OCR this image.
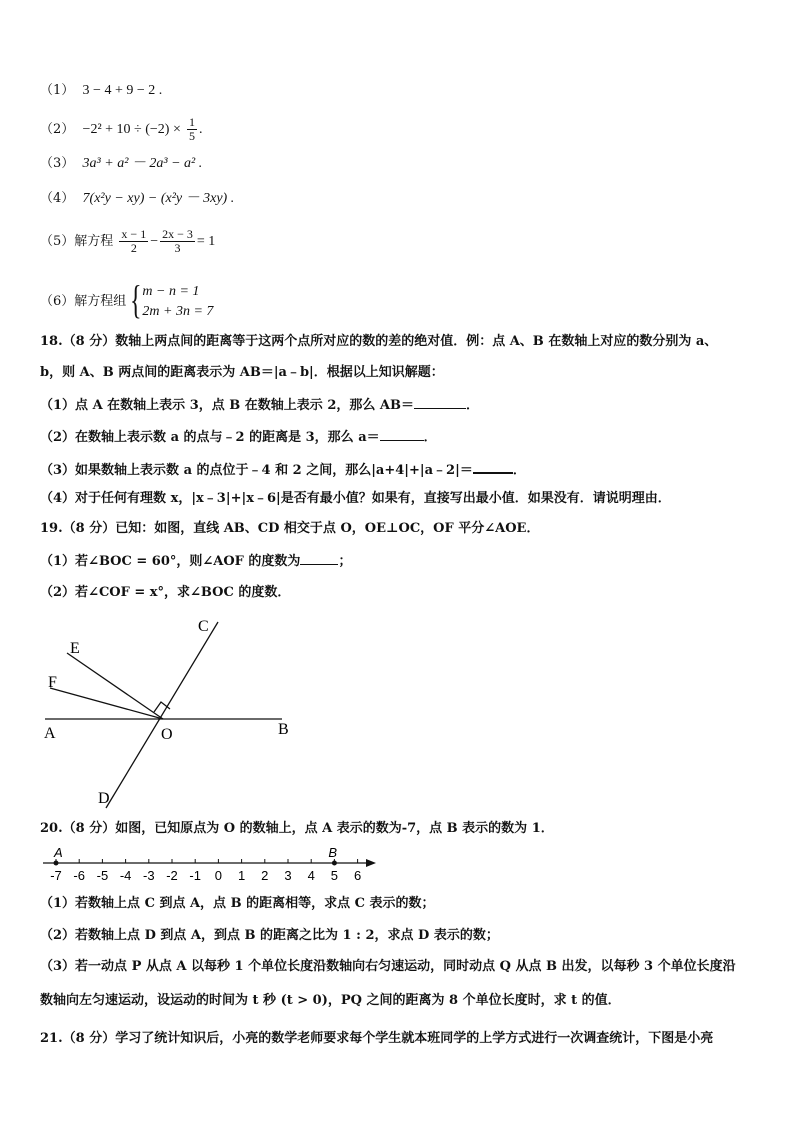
（1） 3 − 4 + 9 − 2 .
$(2) -2^2 + 10 \div (-2) \times \frac{1}{5}$ .
（3） 3a³ + a² － 2a³ − a² .
（4） 7(x²y − xy) − (x²y － 3xy) .
（5）解方程 $\frac{x - 1}{2} - \frac{2x - 3}{3} = 1$
（6）解方程组 { m − n = 1
2m + 3n = 7
18.（8 分）数轴上两点间的距离等于这两个点所对应的数的差的绝对值．例：点 A、B 在数轴上对应的数分别为 a、
b，则 A、B 两点间的距离表示为 AB＝|a﹣b|．根据以上知识解题：
（1）点 A 在数轴上表示 3，点 B 在数轴上表示 2，那么 AB＝	．
（2）在数轴上表示数 a 的点与﹣2 的距离是 3，那么 a＝	．
（3）如果数轴上表示数 a 的点位于﹣4 和 2 之间，那么|a+4|+|a﹣2|＝	．
（4）对于任何有理数 x，|x﹣3|+|x﹣6|是否有最小值？如果有，直接写出最小值．如果没有．请说明理由．
19.（8 分）已知：如图，直线 AB、CD 相交于点 O，OE⊥OC，OF 平分∠AOE．
（1）若∠BOC = 60°，则∠AOF 的度数为	；
（2）若∠COF = x°，求∠BOC 的度数．
C
E
F
A	O	B
D
20.（8 分）如图，已知原点为 O 的数轴上，点 A 表示的数为-7，点 B 表示的数为 1．
-7 -6 -5 -4 -3 -2 -1 0 1 2 3 4 5 6
A	B
（1）若数轴上点 C 到点 A，点 B 的距离相等，求点 C 表示的数；
（2）若数轴上点 D 到点 A，到点 B 的距离之比为 1 : 2，求点 D 表示的数；
（3）若一动点 P 从点 A 以每秒 1 个单位长度沿数轴向右匀速运动，同时动点 Q 从点 B 出发，以每秒 3 个单位长度沿
数轴向左匀速运动，设运动的时间为 t 秒 (t > 0)，PQ 之间的距离为 8 个单位长度时，求 t 的值．
21.（8 分）学习了统计知识后，小亮的数学老师要求每个学生就本班同学的上学方式进行一次调查统计，下图是小亮
